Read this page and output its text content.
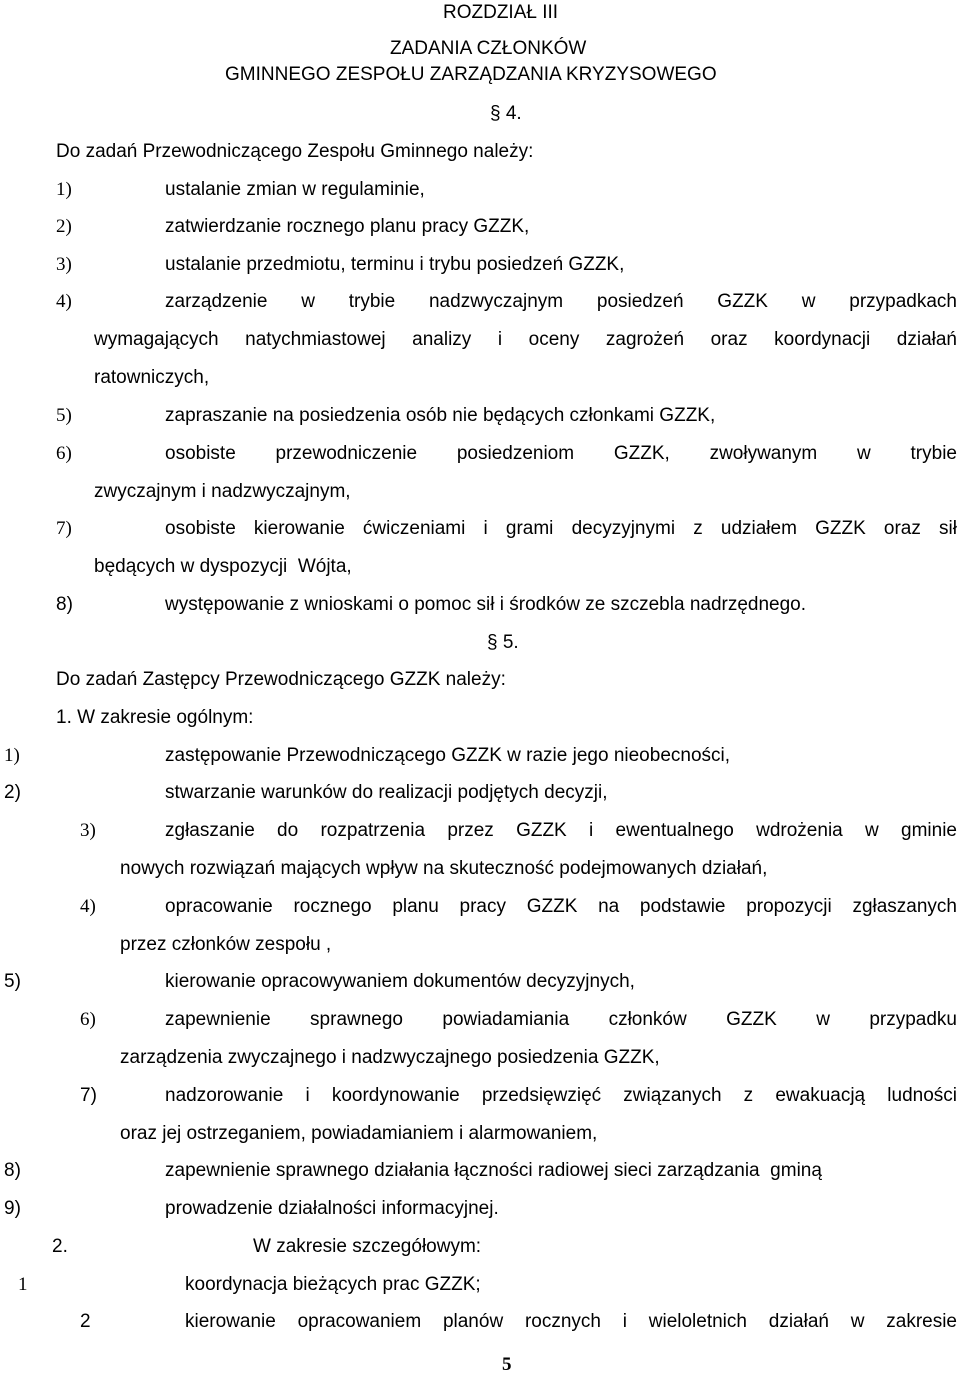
ROZDZIAŁ III
ZADANIA CZŁONKÓW
GMINNEGO ZESPOŁU ZARZĄDZANIA KRYZYSOWEGO
§ 4.
Do zadań Przewodniczącego Zespołu Gminnego należy:
1)	ustalanie zmian w regulaminie,
2)	zatwierdzanie rocznego planu pracy GZZK,
3)	ustalanie przedmiotu, terminu i trybu posiedzeń GZZK,
4)	zarządzenie w trybie nadzwyczajnym posiedzeń GZZK w przypadkach
wymagających natychmiastowej analizy i oceny zagrożeń oraz koordynacji działań
ratowniczych,
5)	zapraszanie na posiedzenia osób nie będących członkami GZZK,
6)	osobiste przewodniczenie posiedzeniom GZZK, zwoływanym w trybie
zwyczajnym i nadzwyczajnym,
7)	osobiste kierowanie ćwiczeniami i grami decyzyjnymi z udziałem GZZK oraz sił
będących w dyspozycji  Wójta,
8)	występowanie z wnioskami o pomoc sił i środków ze szczebla nadrzędnego.
§ 5.
Do zadań Zastępcy Przewodniczącego GZZK należy:
1. W zakresie ogólnym:
1)	zastępowanie Przewodniczącego GZZK w razie jego nieobecności,
2)	stwarzanie warunków do realizacji podjętych decyzji,
3)	zgłaszanie do rozpatrzenia przez GZZK i ewentualnego wdrożenia w gminie
nowych rozwiązań mających wpływ na skuteczność podejmowanych działań,
4)	opracowanie rocznego planu pracy GZZK na podstawie propozycji zgłaszanych
przez członków zespołu ,
5)	kierowanie opracowywaniem dokumentów decyzyjnych,
6)	zapewnienie sprawnego powiadamiania członków GZZK w przypadku
zarządzenia zwyczajnego i nadzwyczajnego posiedzenia GZZK,
7)	nadzorowanie i koordynowanie przedsięwzięć związanych z ewakuacją ludności
oraz jej ostrzeganiem, powiadamianiem i alarmowaniem,
8)	zapewnienie sprawnego działania łączności radiowej sieci zarządzania  gminą
9)	prowadzenie działalności informacyjnej.
2.	W zakresie szczegółowym:
1	koordynacja bieżących prac GZZK;
2	kierowanie opracowaniem planów rocznych i wieloletnich działań w zakresie
5
